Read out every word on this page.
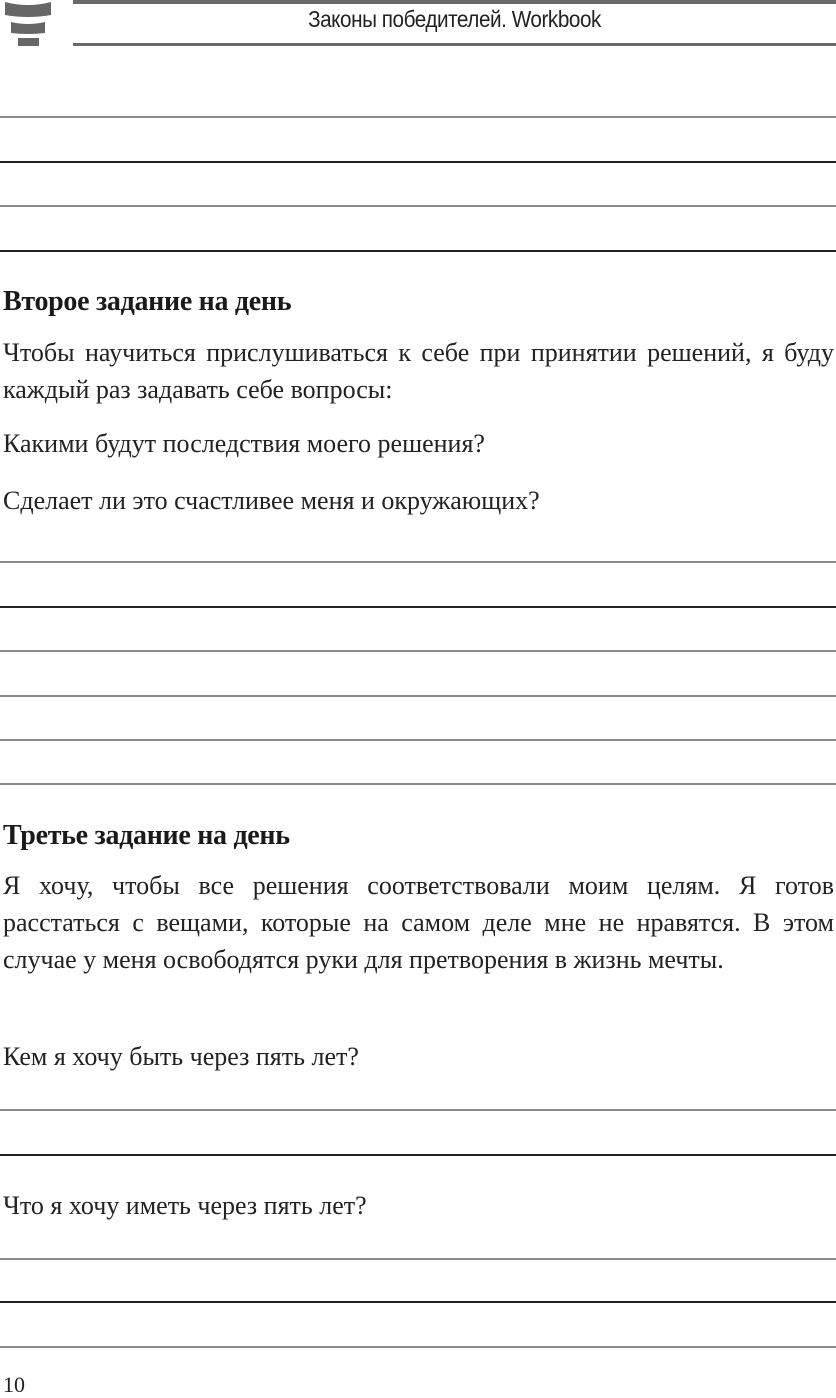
Законы победителей. Workbook
Второе задание на день
Чтобы научиться прислушиваться к себе при принятии решений, я буду каждый раз задавать себе вопросы:
Какими будут последствия моего решения?
Сделает ли это счастливее меня и окружающих?
Третье задание на день
Я хочу, чтобы все решения соответствовали моим целям. Я готов расстаться с вещами, которые на самом деле мне не нравятся. В этом случае у меня освободятся руки для претворения в жизнь мечты.
Кем я хочу быть через пять лет?
Что я хочу иметь через пять лет?
10
